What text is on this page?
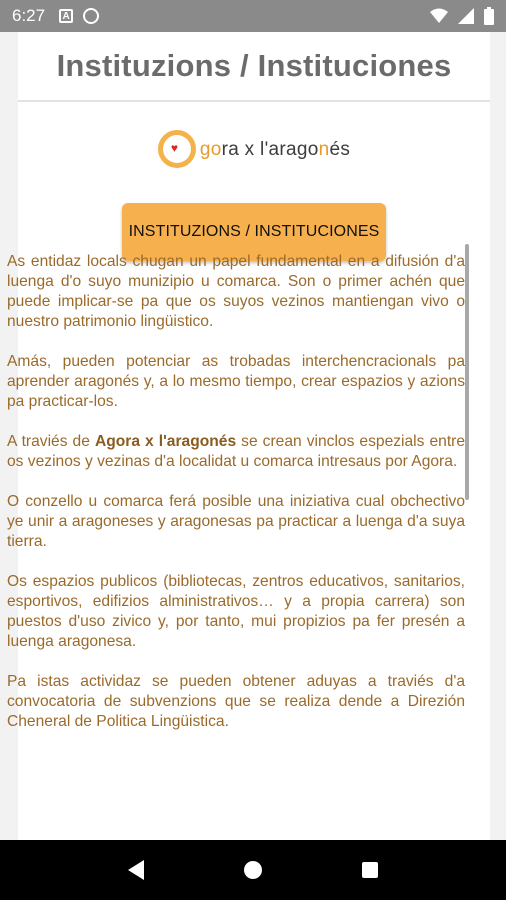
6:27	A
Instituzions / Instituciones
♥ gora x l'aragonés
INSTITUZIONS / INSTITUCIONES

As entidaz locals chugan un papel fundamental en a difusión d'a luenga d'o suyo munizipio u comarca. Son o primer achén que puede implicar-se pa que os suyos vezinos mantiengan vivo o nuestro patrimonio lingüistico.

Amás, pueden potenciar as trobadas interchencracionals pa aprender aragonés y, a lo mesmo tiempo, crear espazios y azions pa practicar-los.

A traviés de Agora x l'aragonés se crean vinclos espezials entre os vezinos y vezinas d'a localidat u comarca intresaus por Agora.

O conzello u comarca ferá posible una iniziativa cual obchectivo ye unir a aragoneses y aragonesas pa practicar a luenga d'a suya tierra.

Os espazios publicos (bibliotecas, zentros educativos, sanitarios, esportivos, edifizios alministrativos… y a propia carrera) son puestos d'uso zivico y, por tanto, mui propizios pa fer presén a luenga aragonesa.

Pa istas actividaz se pueden obtener aduyas a traviés d'a convocatoria de subvenzions que se realiza dende a Direzión Cheneral de Politica Lingüistica.
